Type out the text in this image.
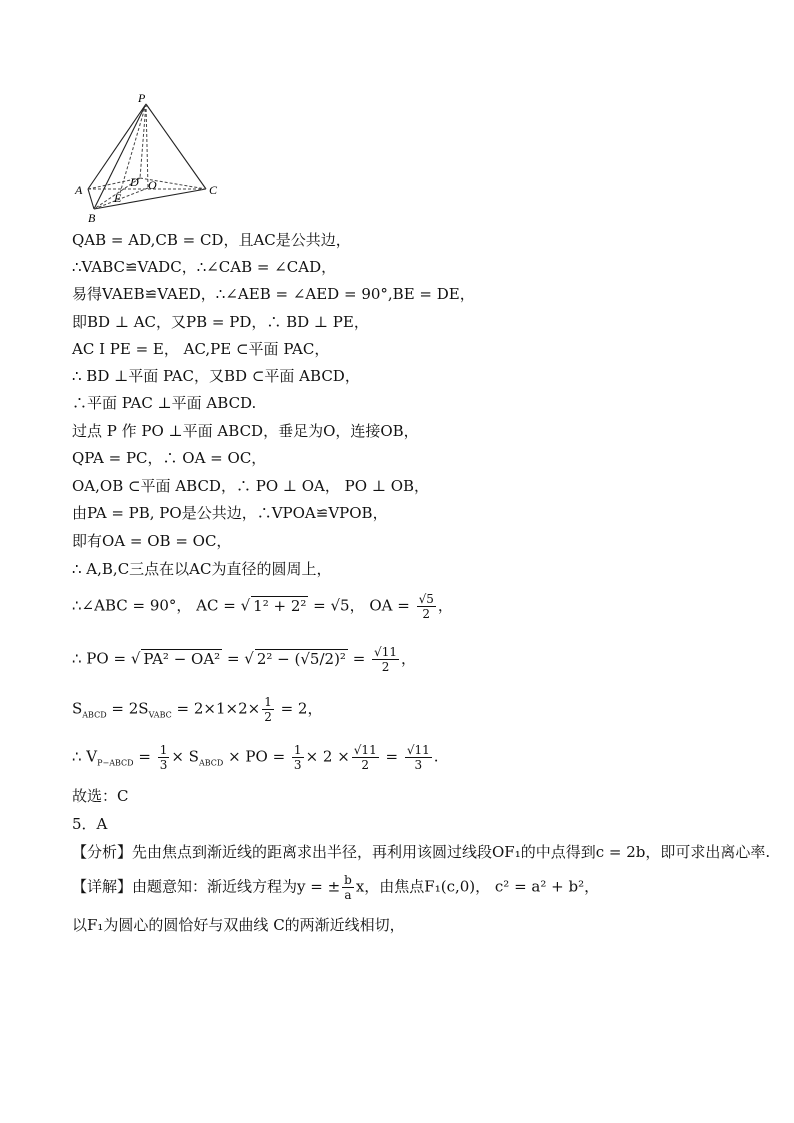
P
A
B
C
D O
E
QAB = AD,CB = CD，且AC是公共边，
∴VABC≌VADC，∴∠CAB = ∠CAD，
易得VAEB≌VAED，∴∠AEB = ∠AED = 90°,BE = DE，
即BD ⊥ AC，又PB = PD，∴ BD ⊥ PE，
AC I PE = E， AC,PE ⊂平面 PAC，
∴ BD ⊥平面 PAC，又BD ⊂平面 ABCD，
∴平面 PAC ⊥平面 ABCD.
过点 P 作 PO ⊥平面 ABCD，垂足为O，连接OB，
QPA = PC，∴ OA = OC，
OA,OB ⊂平面 ABCD，∴ PO ⊥ OA， PO ⊥ OB，
由PA = PB, PO是公共边，∴VPOA≌VPOB，
即有OA = OB = OC，
∴ A,B,C三点在以AC为直径的圆周上，
∴∠ABC = 90°， AC = √ 1² + 2² = √5， OA = $\frac{√5}{2}$ ，
∴ PO = √ PA² − OA² = √ $2^2 - (√5/2)^2 = \frac{√11}{2}$ ，
$S_{ABCD} = 2S_{VABC} = 2\times 1\times 2\times \frac{1}{2} = 2$，
∴ $V_{P-ABCD} = \frac{1}{3} \times S_{ABCD}$ × PO = $\frac{1}{3} \times 2 \times \frac{√11}{2} = \frac{√11}{3}$ .
故选：C
5．A
【分析】先由焦点到渐近线的距离求出半径，再利用该圆过线段OF₁的中点得到c = 2b，即可求出离心率.
【详解】由题意知：渐近线方程为y = ± $\frac{b}{a}$ x，由焦点F₁(c,0)， c² = a² + b²，
以F₁为圆心的圆恰好与双曲线 C的两渐近线相切，
